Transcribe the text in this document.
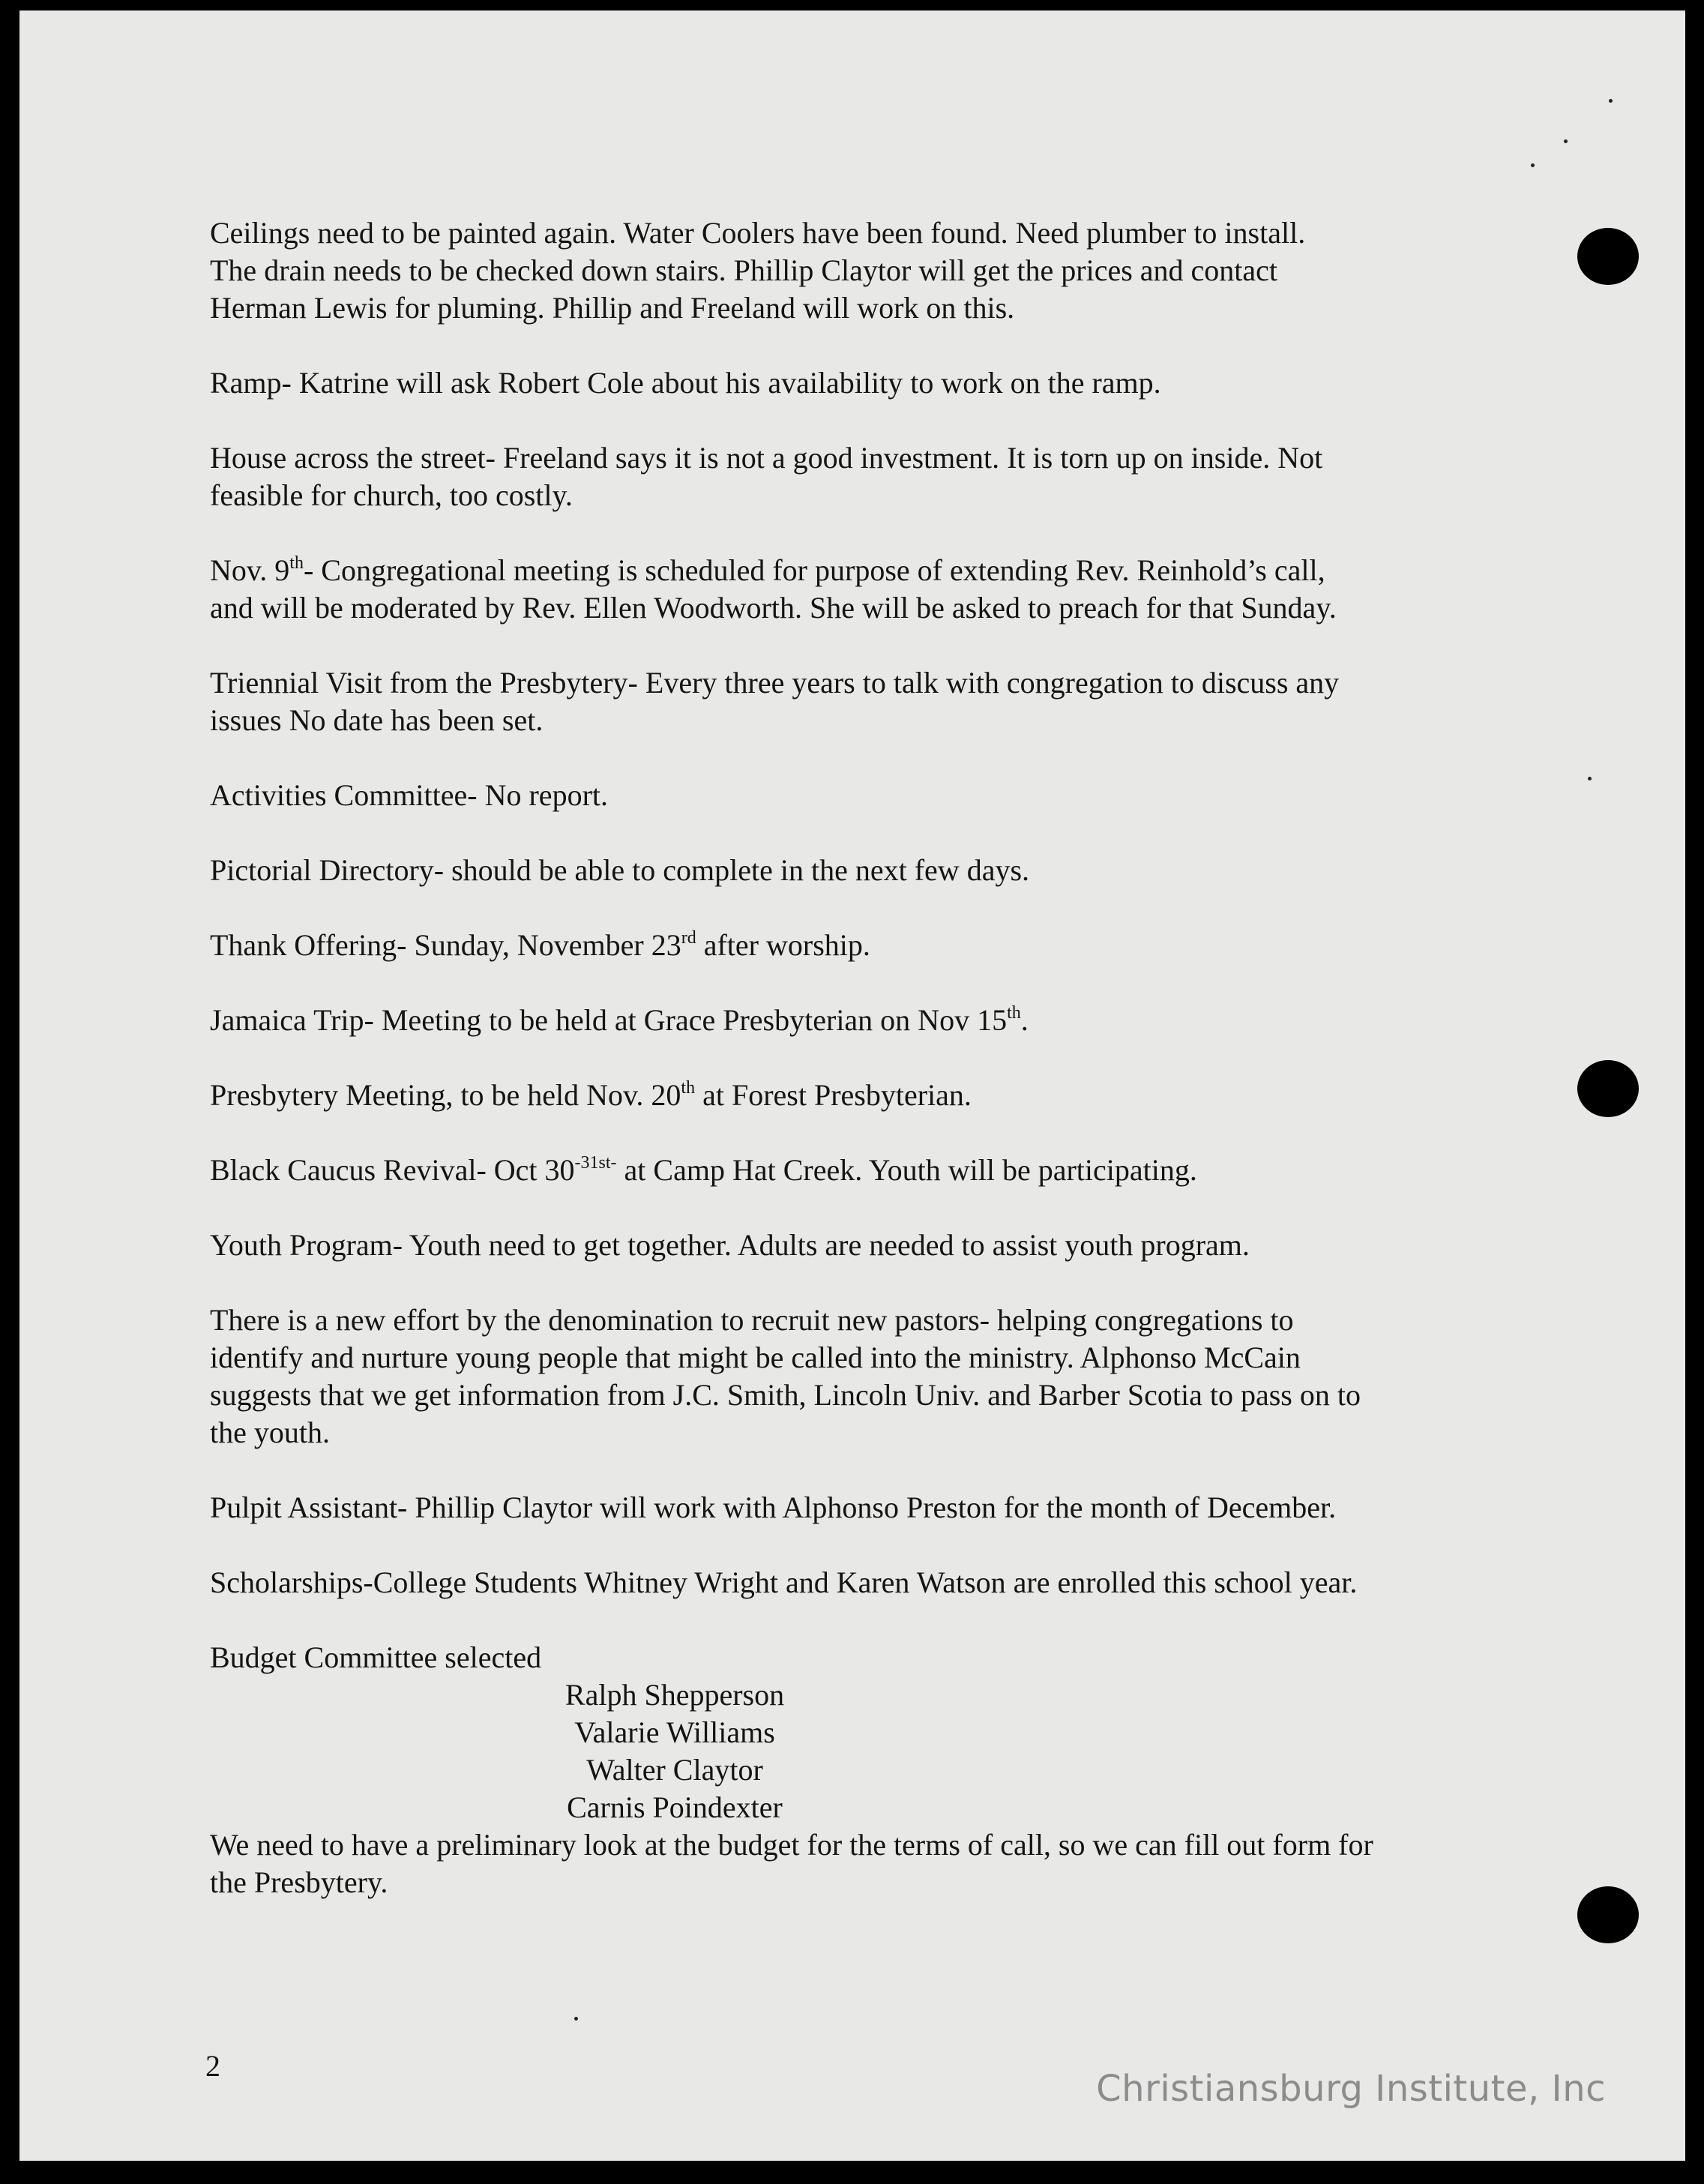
Ceilings need to be painted again. Water Coolers have been found. Need plumber to install.
The drain needs to be checked down stairs. Phillip Claytor will get the prices and contact
Herman Lewis for pluming. Phillip and Freeland will work on this.

Ramp- Katrine will ask Robert Cole about his availability to work on the ramp.

House across the street- Freeland says it is not a good investment. It is torn up on inside. Not
feasible for church, too costly.

Nov. 9th- Congregational meeting is scheduled for purpose of extending Rev. Reinhold’s call,
and will be moderated by Rev. Ellen Woodworth. She will be asked to preach for that Sunday.

Triennial Visit from the Presbytery- Every three years to talk with congregation to discuss any
issues No date has been set.

Activities Committee- No report.

Pictorial Directory- should be able to complete in the next few days.

Thank Offering- Sunday, November 23rd after worship.

Jamaica Trip- Meeting to be held at Grace Presbyterian on Nov 15th.

Presbytery Meeting, to be held Nov. 20th at Forest Presbyterian.

Black Caucus Revival- Oct $30^{-31st-}$ at Camp Hat Creek. Youth will be participating.

Youth Program- Youth need to get together. Adults are needed to assist youth program.

There is a new effort by the denomination to recruit new pastors- helping congregations to
identify and nurture young people that might be called into the ministry. Alphonso McCain
suggests that we get information from J.C. Smith, Lincoln Univ. and Barber Scotia to pass on to
the youth.

Pulpit Assistant- Phillip Claytor will work with Alphonso Preston for the month of December.

Scholarships-College Students Whitney Wright and Karen Watson are enrolled this school year.

Budget Committee selected

Ralph Shepperson
Valarie Williams
Walter Claytor
Carnis Poindexter

We need to have a preliminary look at the budget for the terms of call, so we can fill out form for
the Presbytery.

2
Christiansburg Institute, Inc
